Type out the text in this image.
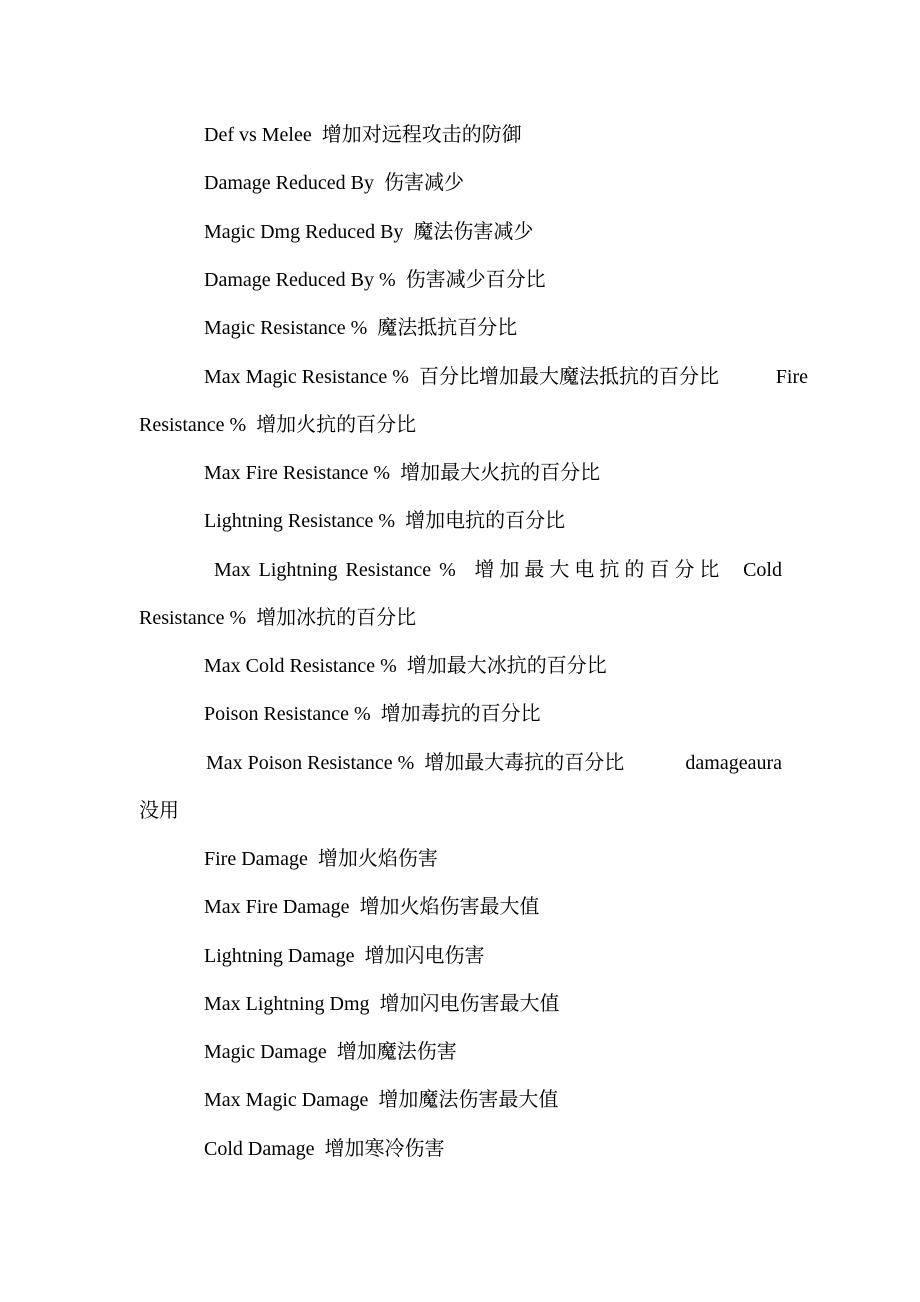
Def vs Melee  增加对远程攻击的防御
Damage Reduced By  伤害减少
Magic Dmg Reduced By  魔法伤害减少
Damage Reduced By %  伤害减少百分比
Magic Resistance %  魔法抵抗百分比
Max Magic Resistance %  百分比增加最大魔法抵抗的百分比	Fire
Resistance %  增加火抗的百分比
Max Fire Resistance %  增加最大火抗的百分比
Lightning Resistance %  增加电抗的百分比
Max Lightning Resistance % 增加最大电抗的百分比 Cold
Resistance %  增加冰抗的百分比
Max Cold Resistance %  增加最大冰抗的百分比
Poison Resistance %  增加毒抗的百分比
Max Poison Resistance %  增加最大毒抗的百分比	damageaura
没用
Fire Damage  增加火焰伤害
Max Fire Damage  增加火焰伤害最大值
Lightning Damage  增加闪电伤害
Max Lightning Dmg  增加闪电伤害最大值
Magic Damage  增加魔法伤害
Max Magic Damage  增加魔法伤害最大值
Cold Damage  增加寒冷伤害
